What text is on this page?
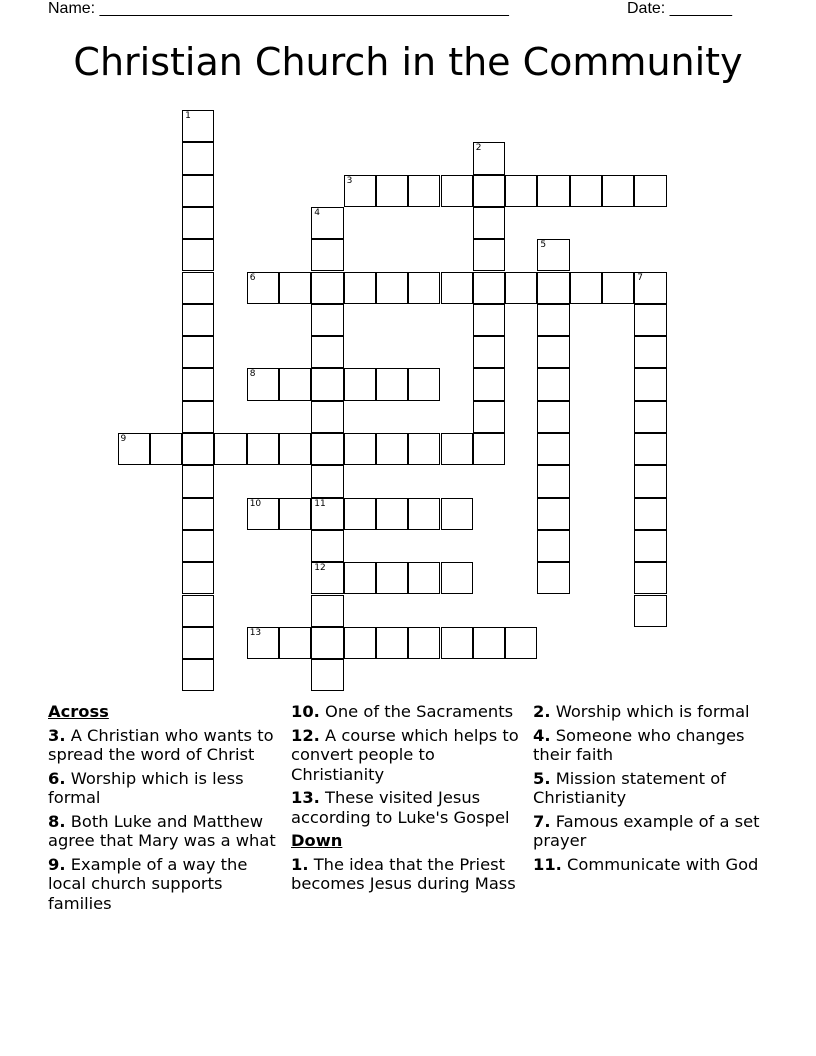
Name: ______________________________________________	Date: _______
Christian Church in the Community
1
2
3
4
11
12
5
6	7
8
9
10
13
Across
3. A Christian who wants to spread the word of Christ
6. Worship which is less formal
8. Both Luke and Matthew agree that Mary was a what
9. Example of a way the local church supports families
10. One of the Sacraments
12. A course which helps to convert people to Christianity
13. These visited Jesus according to Luke's Gospel
Down
1. The idea that the Priest becomes Jesus during Mass
2. Worship which is formal
4. Someone who changes their faith
5. Mission statement of Christianity
7. Famous example of a set prayer
11. Communicate with God
